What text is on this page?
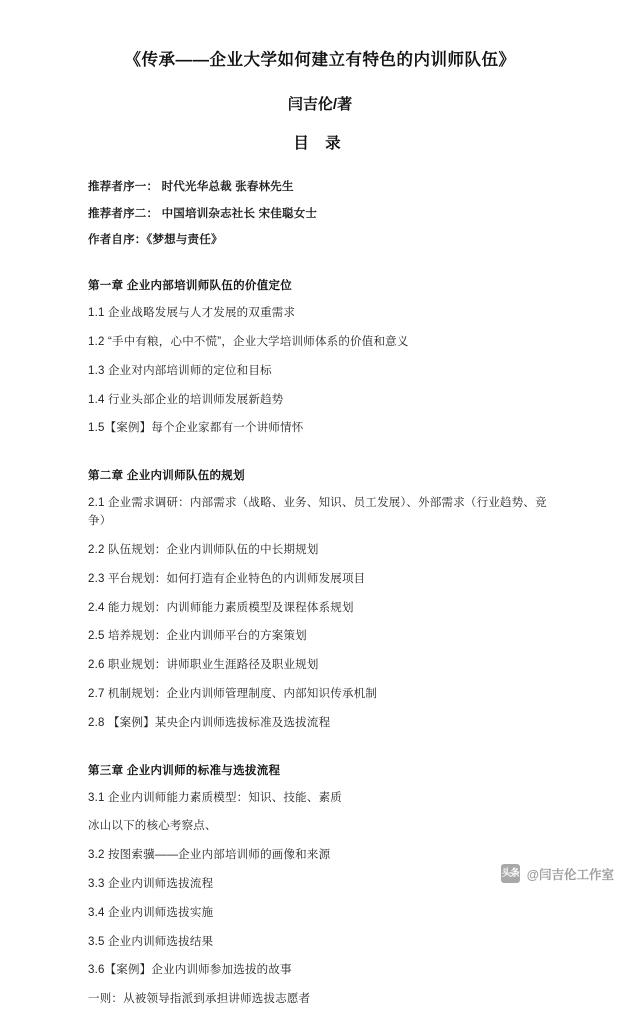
《传承——企业大学如何建立有特色的内训师队伍》
闫吉伦/著
目 录

推荐者序一： 时代光华总裁 张春林先生

推荐者序二： 中国培训杂志社长 宋佳聪女士

作者自序：《梦想与责任》

第一章 企业内部培训师队伍的价值定位

1.1 企业战略发展与人才发展的双重需求

1.2 “手中有粮，心中不慌”，企业大学培训师体系的价值和意义

1.3 企业对内部培训师的定位和目标

1.4 行业头部企业的培训师发展新趋势

1.5【案例】每个企业家都有一个讲师情怀

第二章 企业内训师队伍的规划

2.1 企业需求调研：内部需求（战略、业务、知识、员工发展）、外部需求（行业趋势、竞争）

2.2 队伍规划：企业内训师队伍的中长期规划

2.3 平台规划：如何打造有企业特色的内训师发展项目

2.4 能力规划：内训师能力素质模型及课程体系规划

2.5 培养规划：企业内训师平台的方案策划

2.6 职业规划：讲师职业生涯路径及职业规划

2.7 机制规划：企业内训师管理制度、内部知识传承机制

2.8 【案例】某央企内训师选拔标准及选拔流程

第三章 企业内训师的标准与选拔流程

3.1 企业内训师能力素质模型：知识、技能、素质

冰山以下的核心考察点、

3.2 按图索骥——企业内部培训师的画像和来源

3.3 企业内训师选拔流程

3.4 企业内训师选拔实施

3.5 企业内训师选拔结果

3.6【案例】企业内训师参加选拔的故事

一则：从被领导指派到承担讲师选拔志愿者

头条 @闫吉伦工作室
